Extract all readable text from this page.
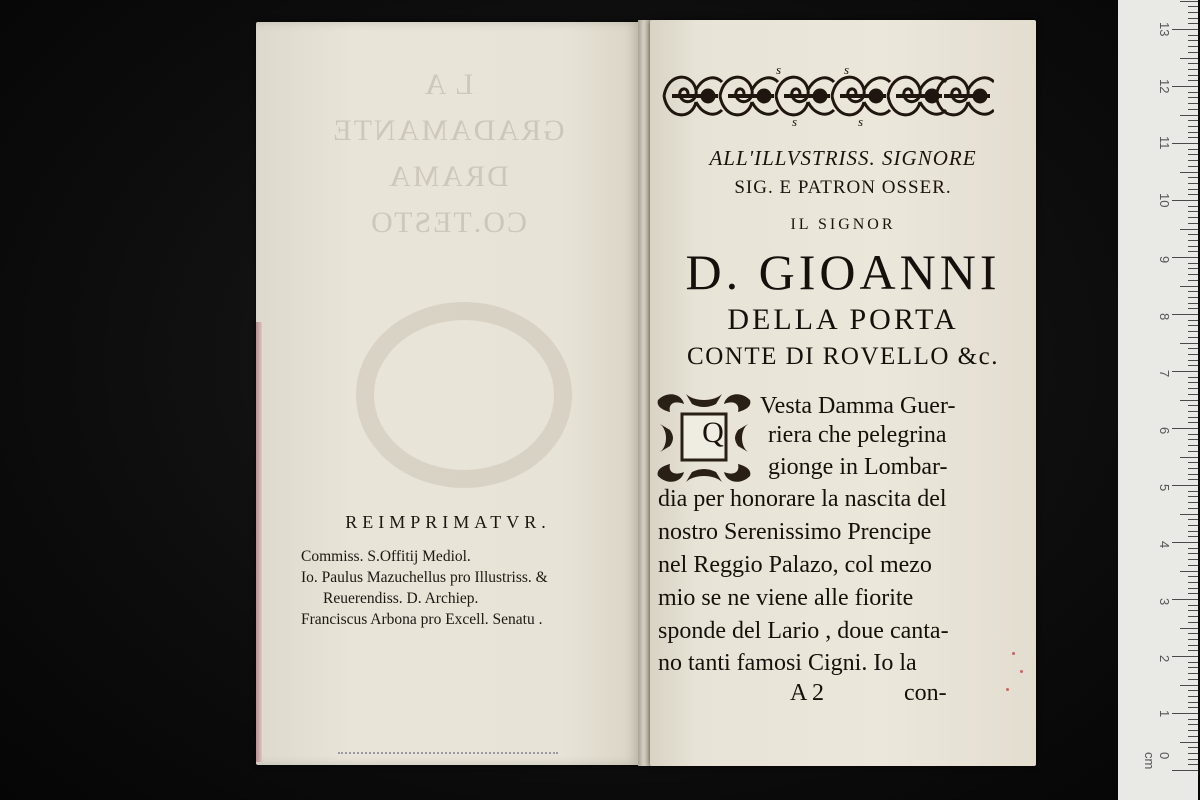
L A
GRADAMANTE
DRAMA
CO.TESTO
REIMPRIMATVR.
Commiss. S.Offitij Mediol.
Io. Paulus Mazuchellus pro Illustriss. &
Reuerendiss. D. Archiep.
Franciscus Arbona pro Excell. Senatu .
s	s
s	s
ALL'ILLVSTRISS. SIGNORE
SIG. E PATRON OSSER.
IL SIGNOR
D. GIOANNI
DELLA PORTA
CONTE DI ROVELLO &c.
Q
Vesta Damma Guer-
riera che pelegrina
gionge in Lombar-
dia per honorare la nascita del
nostro Serenissimo Prencipe
nel Reggio Palazo, col mezo
mio se ne viene alle fiorite
sponde del Lario , doue canta-
no tanti famosi Cigni. Io la
A 2	con-
0 cm
1
2
3
4
5
6
7
8
9
10
11
12
13
